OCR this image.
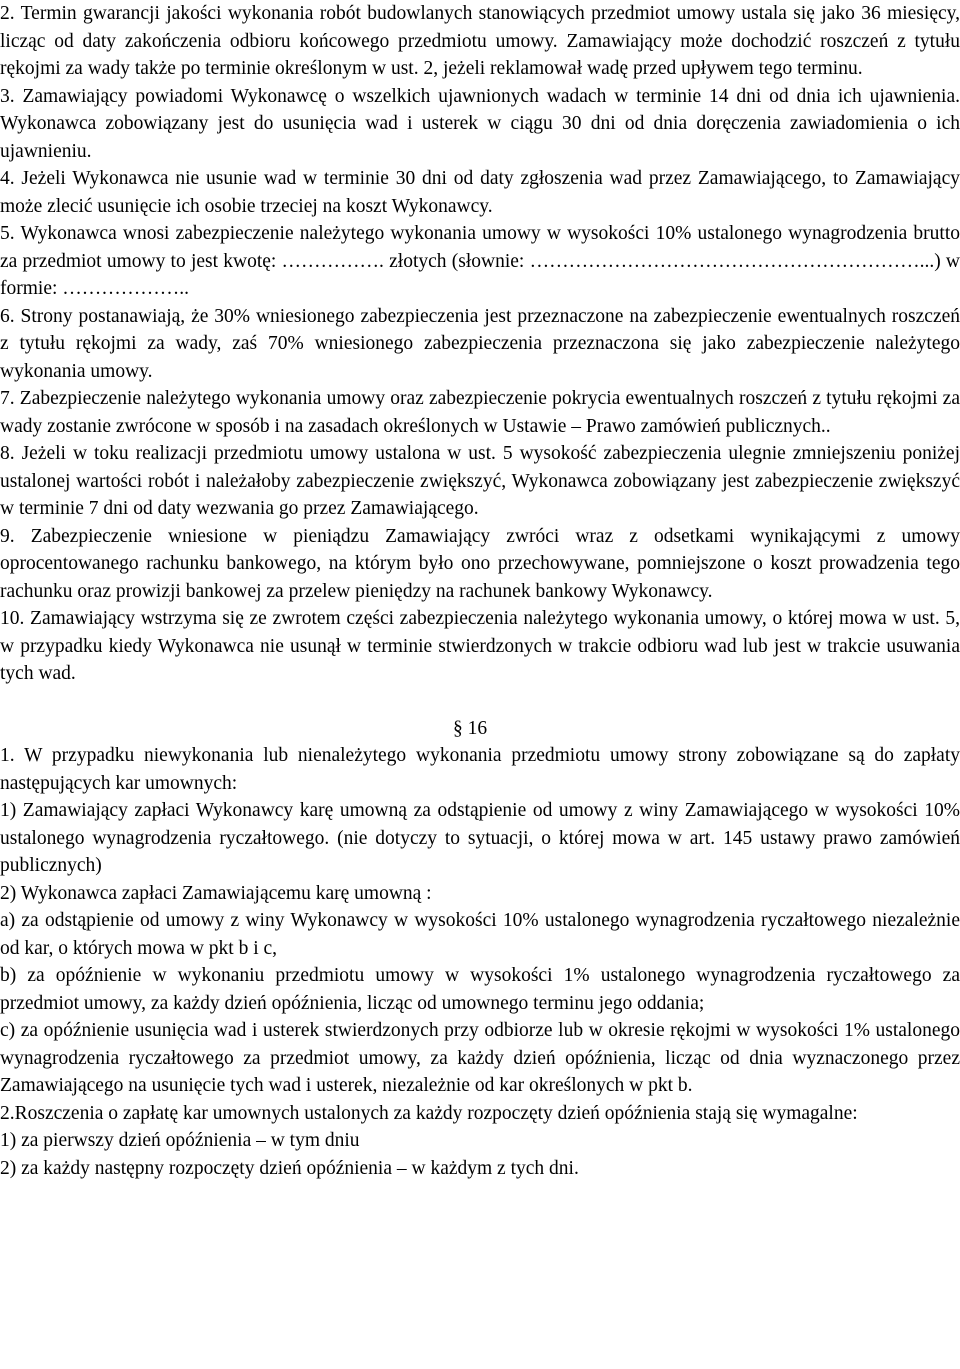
2. Termin gwarancji jakości wykonania robót budowlanych stanowiących przedmiot umowy ustala się jako 36 miesięcy, licząc od daty zakończenia odbioru końcowego przedmiotu umowy. Zamawiający może dochodzić roszczeń z tytułu rękojmi za wady także po terminie określonym w ust. 2, jeżeli reklamował wadę przed upływem tego terminu.

3. Zamawiający powiadomi Wykonawcę o wszelkich ujawnionych wadach w terminie 14 dni od dnia ich ujawnienia. Wykonawca zobowiązany jest do usunięcia wad i usterek w ciągu 30 dni od dnia doręczenia zawiadomienia o ich ujawnieniu.

4. Jeżeli Wykonawca nie usunie wad w terminie 30 dni od daty zgłoszenia wad przez Zamawiającego, to Zamawiający może zlecić usunięcie ich osobie trzeciej na koszt Wykonawcy.

5. Wykonawca wnosi zabezpieczenie należytego wykonania umowy w wysokości 10% ustalonego wynagrodzenia brutto za przedmiot umowy to jest kwotę: ……………. złotych (słownie: ……………………………………………………...) w formie: ………………..

6. Strony postanawiają, że 30% wniesionego zabezpieczenia jest przeznaczone na zabezpieczenie ewentualnych roszczeń z tytułu rękojmi za wady, zaś 70% wniesionego zabezpieczenia przeznaczona się jako zabezpieczenie należytego wykonania umowy.

7. Zabezpieczenie należytego wykonania umowy oraz zabezpieczenie pokrycia ewentualnych roszczeń z tytułu rękojmi za wady zostanie zwrócone w sposób i na zasadach określonych w Ustawie – Prawo zamówień publicznych..

8. Jeżeli w toku realizacji przedmiotu umowy ustalona w ust. 5 wysokość zabezpieczenia ulegnie zmniejszeniu poniżej ustalonej wartości robót i należałoby zabezpieczenie zwiększyć, Wykonawca zobowiązany jest zabezpieczenie zwiększyć w terminie 7 dni od daty wezwania go przez Zamawiającego.

9. Zabezpieczenie wniesione w pieniądzu Zamawiający zwróci wraz z odsetkami wynikającymi z umowy oprocentowanego rachunku bankowego, na którym było ono przechowywane, pomniejszone o koszt prowadzenia tego rachunku oraz prowizji bankowej za przelew pieniędzy na rachunek bankowy Wykonawcy.

10. Zamawiający wstrzyma się ze zwrotem części zabezpieczenia należytego wykonania umowy, o której mowa w ust. 5, w przypadku kiedy Wykonawca nie usunął w terminie stwierdzonych w trakcie odbioru wad lub jest w trakcie usuwania tych wad.

§ 16

1. W przypadku niewykonania lub nienależytego wykonania przedmiotu umowy strony zobowiązane są do zapłaty następujących kar umownych:

1) Zamawiający zapłaci Wykonawcy karę umowną za odstąpienie od umowy z winy Zamawiającego w wysokości 10% ustalonego wynagrodzenia ryczałtowego. (nie dotyczy to sytuacji, o której mowa w art. 145 ustawy prawo zamówień publicznych)

2) Wykonawca zapłaci Zamawiającemu karę umowną :

a) za odstąpienie od umowy z winy Wykonawcy w wysokości 10% ustalonego wynagrodzenia ryczałtowego niezależnie od kar, o których mowa w pkt b i c,

b) za opóźnienie w wykonaniu przedmiotu umowy w wysokości 1% ustalonego wynagrodzenia ryczałtowego za przedmiot umowy, za każdy dzień opóźnienia, licząc od umownego terminu jego oddania;

c) za opóźnienie usunięcia wad i usterek stwierdzonych przy odbiorze lub w okresie rękojmi w wysokości 1% ustalonego wynagrodzenia ryczałtowego za przedmiot umowy, za każdy dzień opóźnienia, licząc od dnia wyznaczonego przez Zamawiającego na usunięcie tych wad i usterek, niezależnie od kar określonych w pkt b.

2.Roszczenia o zapłatę kar umownych ustalonych za każdy rozpoczęty dzień opóźnienia stają się wymagalne:

1) za pierwszy dzień opóźnienia – w tym dniu

2) za każdy następny rozpoczęty dzień opóźnienia – w każdym z tych dni.
